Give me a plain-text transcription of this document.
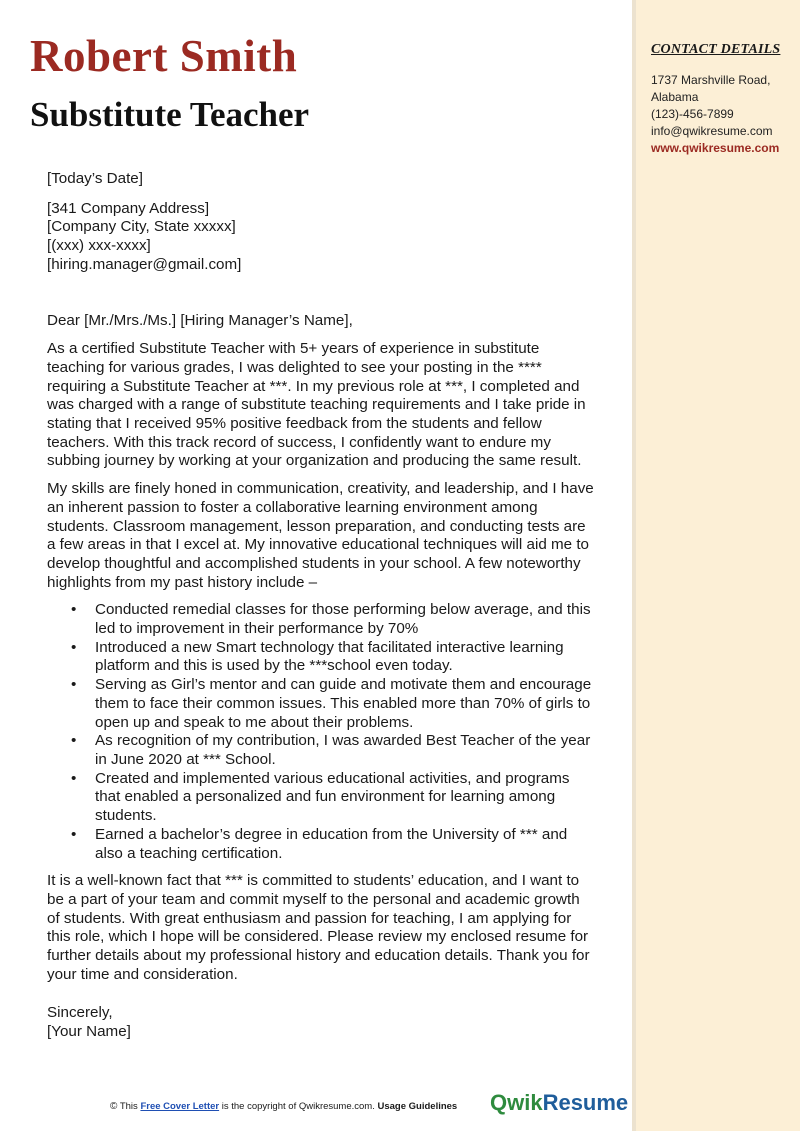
CONTACT DETAILS
1737 Marshville Road,
Alabama
(123)-456-7899
info@qwikresume.com
www.qwikresume.com
Robert Smith
Substitute Teacher

[Today’s Date]

[341 Company Address]
[Company City, State xxxxx]
[(xxx) xxx-xxxx]
[hiring.manager@gmail.com]

Dear [Mr./Mrs./Ms.] [Hiring Manager’s Name],

As a certified Substitute Teacher with 5+ years of experience in substitute teaching for various grades, I was delighted to see your posting in the **** requiring a Substitute Teacher at ***. In my previous role at ***, I completed and was charged with a range of substitute teaching requirements and I take pride in stating that I received 95% positive feedback from the students and fellow teachers. With this track record of success, I confidently want to endure my subbing journey by working at your organization and producing the same result.

My skills are finely honed in communication, creativity, and leadership, and I have an inherent passion to foster a collaborative learning environment among students. Classroom management, lesson preparation, and conducting tests are a few areas in that I excel at. My innovative educational techniques will aid me to develop thoughtful and accomplished students in your school. A few noteworthy highlights from my past history include –

• Conducted remedial classes for those performing below average, and this led to improvement in their performance by 70%
• Introduced a new Smart technology that facilitated interactive learning platform and this is used by the ***school even today.
• Serving as Girl’s mentor and can guide and motivate them and encourage them to face their common issues. This enabled more than 70% of girls to open up and speak to me about their problems.
• As recognition of my contribution, I was awarded Best Teacher of the year in June 2020 at *** School.
• Created and implemented various educational activities, and programs that enabled a personalized and fun environment for learning among students.
• Earned a bachelor’s degree in education from the University of *** and also a teaching certification.

It is a well-known fact that *** is committed to students’ education, and I want to be a part of your team and commit myself to the personal and academic growth of students. With great enthusiasm and passion for teaching, I am applying for this role, which I hope will be considered. Please review my enclosed resume for further details about my professional history and education details. Thank you for your time and consideration.

Sincerely,
[Your Name]
© This Free Cover Letter is the copyright of Qwikresume.com. Usage Guidelines QwikResume
